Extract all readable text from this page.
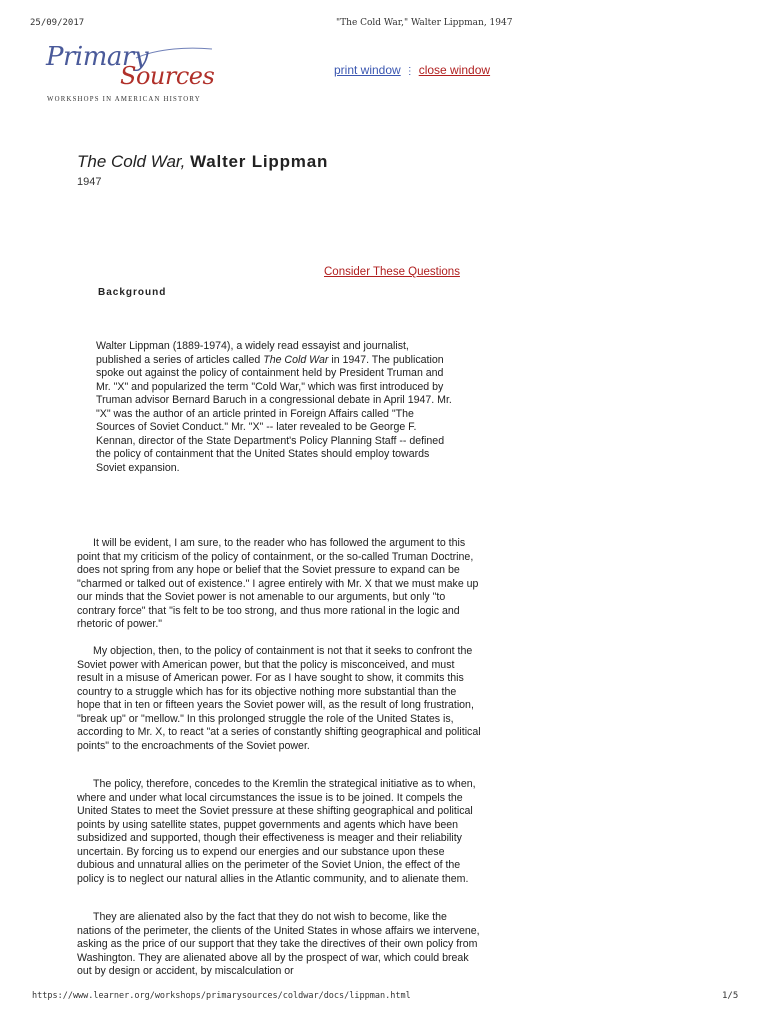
25/09/2017	"The Cold War," Walter Lippman, 1947
Primary
Sources
WORKSHOPS IN AMERICAN HISTORY
print window ⋮ close window
The Cold War, Walter Lippman
1947
Consider These Questions
Background

Walter Lippman (1889-1974), a widely read essayist and journalist, published a series of articles called The Cold War in 1947. The publication spoke out against the policy of containment held by President Truman and Mr. "X" and popularized the term "Cold War," which was first introduced by Truman advisor Bernard Baruch in a congressional debate in April 1947. Mr. "X" was the author of an article printed in Foreign Affairs called "The Sources of Soviet Conduct." Mr. "X" -- later revealed to be George F. Kennan, director of the State Department's Policy Planning Staff -- defined the policy of containment that the United States should employ towards Soviet expansion.

It will be evident, I am sure, to the reader who has followed the argument to this point that my criticism of the policy of containment, or the so-called Truman Doctrine, does not spring from any hope or belief that the Soviet pressure to expand can be "charmed or talked out of existence." I agree entirely with Mr. X that we must make up our minds that the Soviet power is not amenable to our arguments, but only "to contrary force" that "is felt to be too strong, and thus more rational in the logic and rhetoric of power."

My objection, then, to the policy of containment is not that it seeks to confront the Soviet power with American power, but that the policy is misconceived, and must result in a misuse of American power. For as I have sought to show, it commits this country to a struggle which has for its objective nothing more substantial than the hope that in ten or fifteen years the Soviet power will, as the result of long frustration, "break up" or "mellow." In this prolonged struggle the role of the United States is, according to Mr. X, to react "at a series of constantly shifting geographical and political points" to the encroachments of the Soviet power.

The policy, therefore, concedes to the Kremlin the strategical initiative as to when, where and under what local circumstances the issue is to be joined. It compels the United States to meet the Soviet pressure at these shifting geographical and political points by using satellite states, puppet governments and agents which have been subsidized and supported, though their effectiveness is meager and their reliability uncertain. By forcing us to expend our energies and our substance upon these dubious and unnatural allies on the perimeter of the Soviet Union, the effect of the policy is to neglect our natural allies in the Atlantic community, and to alienate them.

They are alienated also by the fact that they do not wish to become, like the nations of the perimeter, the clients of the United States in whose affairs we intervene, asking as the price of our support that they take the directives of their own policy from Washington. They are alienated above all by the prospect of war, which could break out by design or accident, by miscalculation or

https://www.learner.org/workshops/primarysources/coldwar/docs/lippman.html	1/5
